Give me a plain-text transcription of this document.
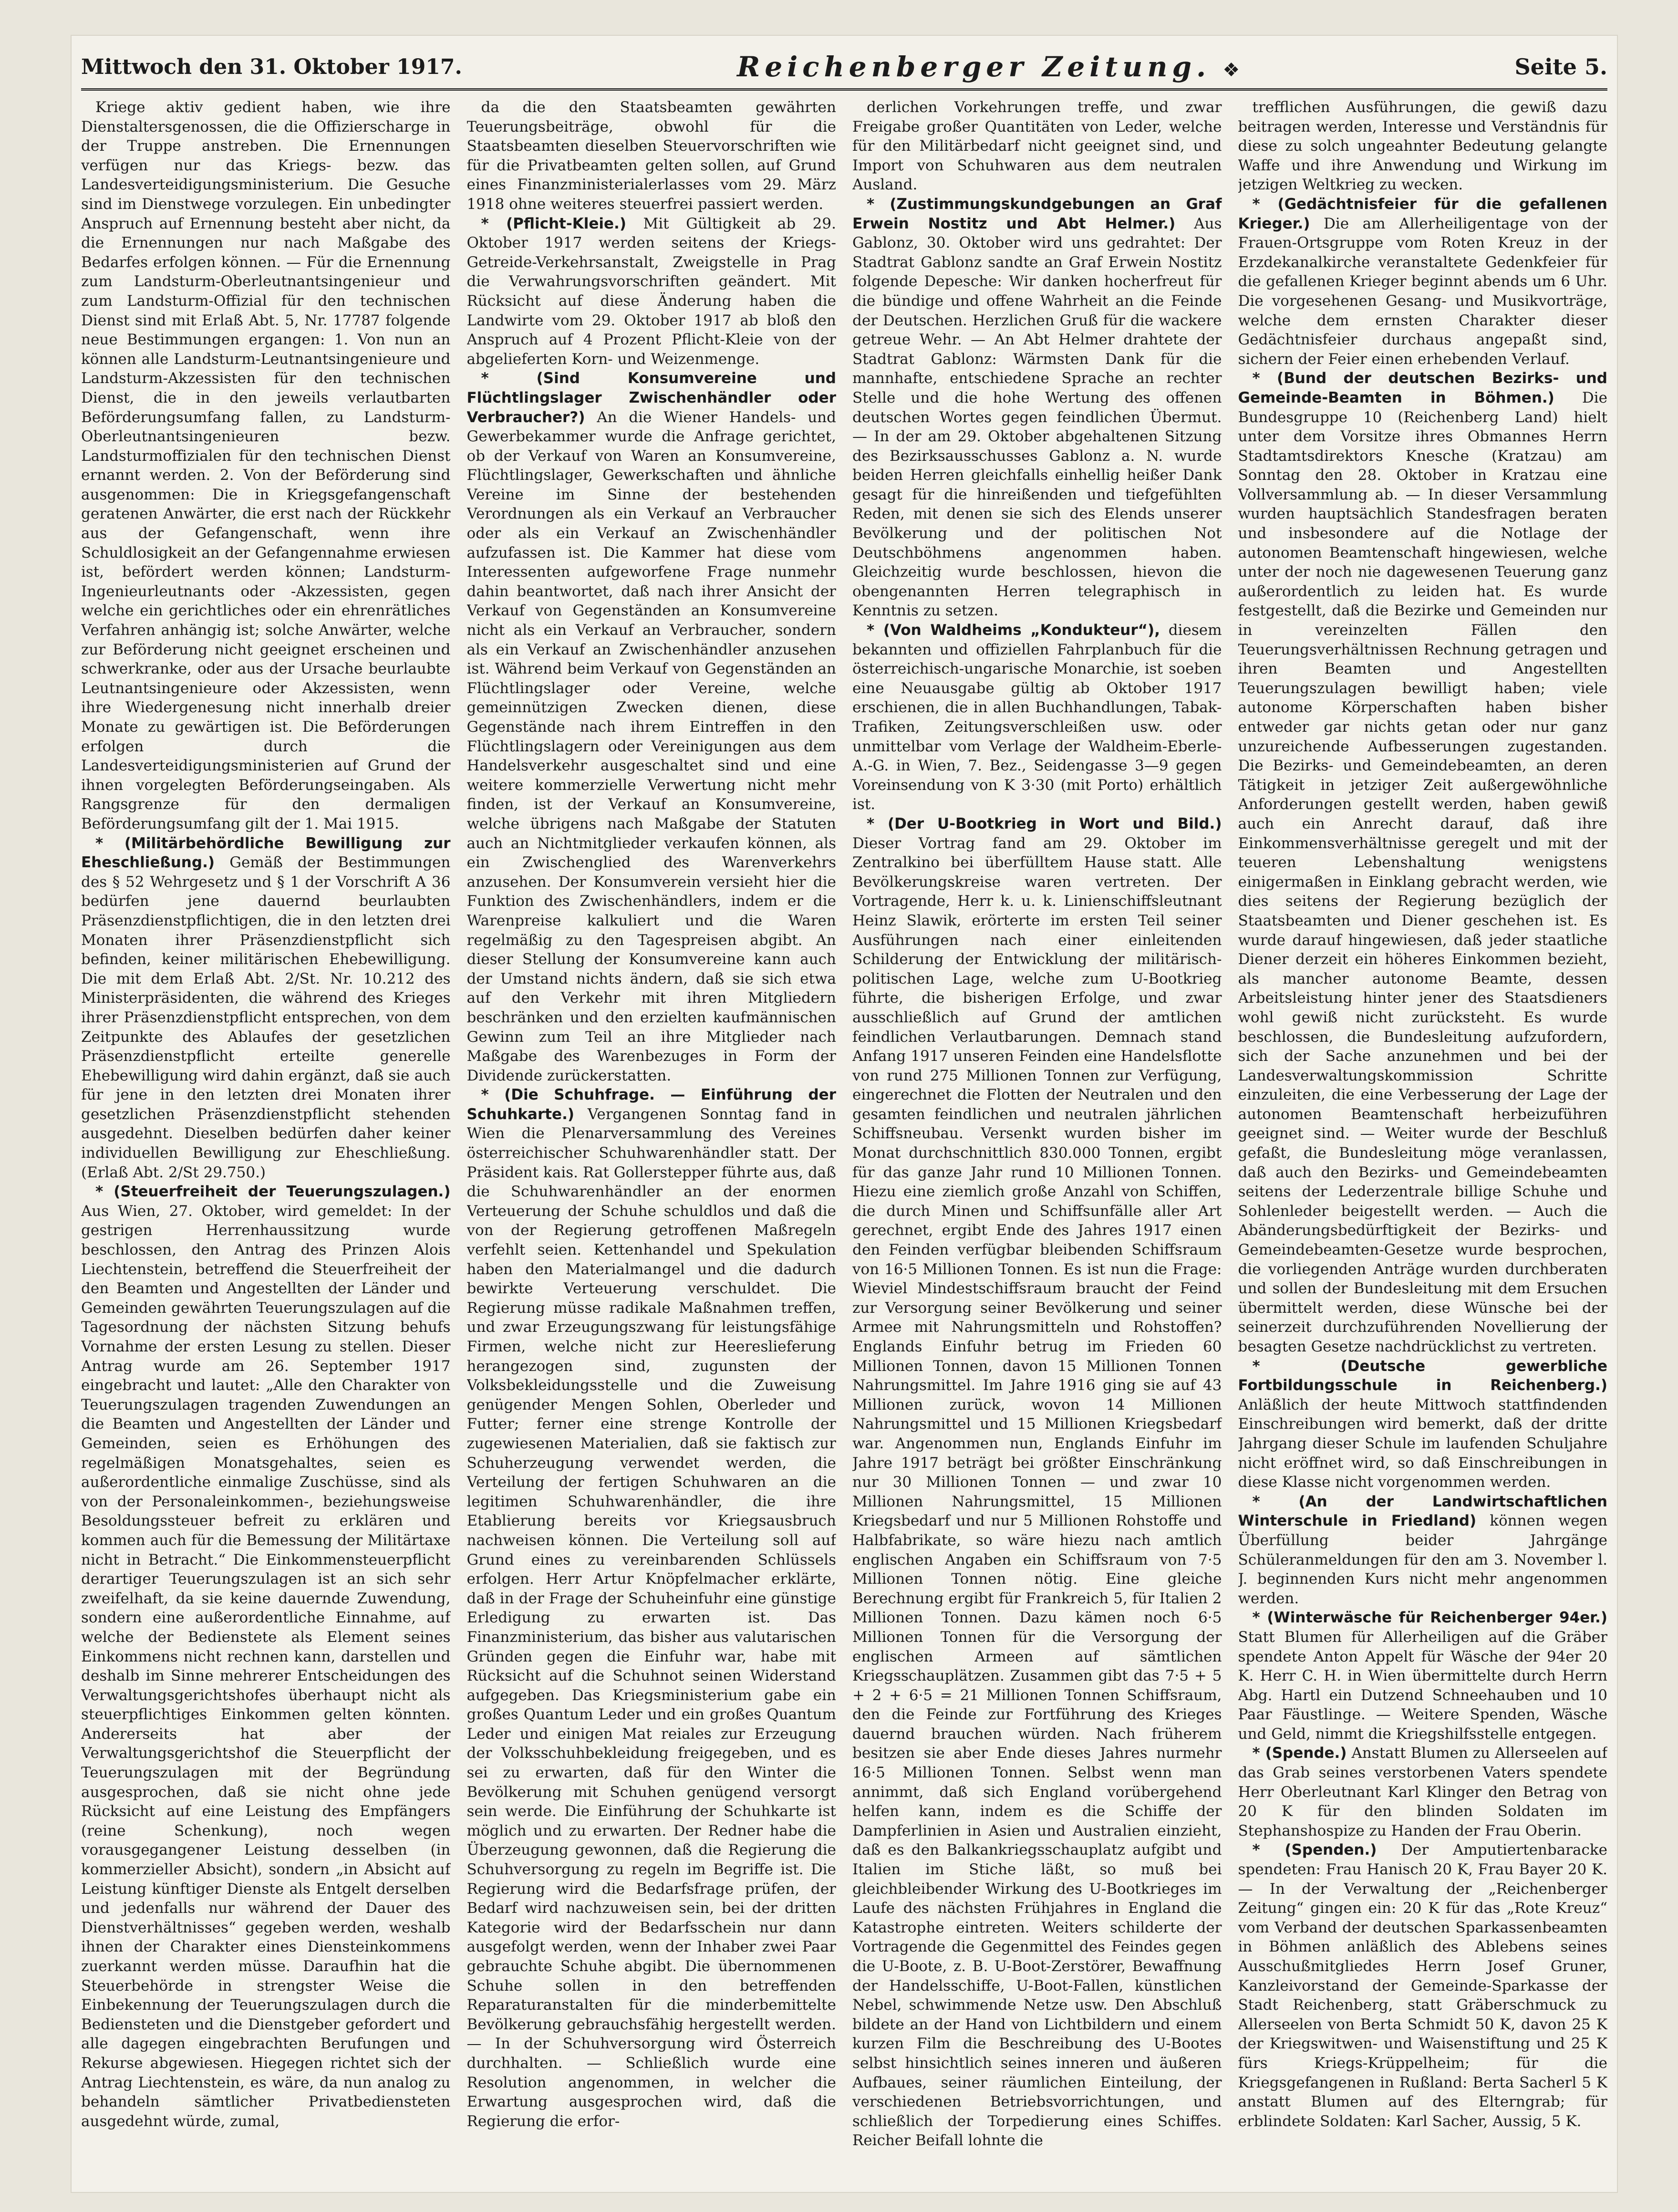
Mittwoch den 31. Oktober 1917.	Reichenberger Zeitung. ❖	Seite 5.

Kriege aktiv gedient haben, wie ihre Dienstaltersgenossen, die die Offizierscharge in der Truppe anstreben. Die Ernennungen verfügen nur das Kriegs- bezw. das Landesverteidigungsministerium. Die Gesuche sind im Dienstwege vorzulegen. Ein unbedingter Anspruch auf Ernennung besteht aber nicht, da die Ernennungen nur nach Maßgabe des Bedarfes erfolgen können. — Für die Ernennung zum Landsturm-Oberleutnantsingenieur und zum Landsturm-Offizial für den technischen Dienst sind mit Erlaß Abt. 5, Nr. 17787 folgende neue Bestimmungen ergangen: 1. Von nun an können alle Landsturm-Leutnantsingenieure und Landsturm-Akzessisten für den technischen Dienst, die in den jeweils verlautbarten Beförderungsumfang fallen, zu Landsturm-Oberleutnantsingenieuren bezw. Landsturmoffizialen für den technischen Dienst ernannt werden. 2. Von der Beförderung sind ausgenommen: Die in Kriegsgefangenschaft geratenen Anwärter, die erst nach der Rückkehr aus der Gefangenschaft, wenn ihre Schuldlosigkeit an der Gefangennahme erwiesen ist, befördert werden können; Landsturm-Ingenieurleutnants oder -Akzessisten, gegen welche ein gerichtliches oder ein ehrenrätliches Verfahren anhängig ist; solche Anwärter, welche zur Beförderung nicht geeignet erscheinen und schwerkranke, oder aus der Ursache beurlaubte Leutnantsingenieure oder Akzessisten, wenn ihre Wiedergenesung nicht innerhalb dreier Monate zu gewärtigen ist. Die Beförderungen erfolgen durch die Landesverteidigungsministerien auf Grund der ihnen vorgelegten Beförderungseingaben. Als Rangsgrenze für den dermaligen Beförderungsumfang gilt der 1. Mai 1915.

* (Militärbehördliche Bewilligung zur Eheschließung.) Gemäß der Bestimmungen des § 52 Wehrgesetz und § 1 der Vorschrift A 36 bedürfen jene dauernd beurlaubten Präsenzdienstpflichtigen, die in den letzten drei Monaten ihrer Präsenzdienstpflicht sich befinden, keiner militärischen Ehebewilligung. Die mit dem Erlaß Abt. 2/St. Nr. 10.212 des Ministerpräsidenten, die während des Krieges ihrer Präsenzdienstpflicht entsprechen, von dem Zeitpunkte des Ablaufes der gesetzlichen Präsenzdienstpflicht erteilte generelle Ehebewilligung wird dahin ergänzt, daß sie auch für jene in den letzten drei Monaten ihrer gesetzlichen Präsenzdienstpflicht stehenden ausgedehnt. Dieselben bedürfen daher keiner individuellen Bewilligung zur Eheschließung. (Erlaß Abt. 2/St 29.750.)

* (Steuerfreiheit der Teuerungszulagen.) Aus Wien, 27. Oktober, wird gemeldet: In der gestrigen Herrenhaussitzung wurde beschlossen, den Antrag des Prinzen Alois Liechtenstein, betreffend die Steuerfreiheit der den Beamten und Angestellten der Länder und Gemeinden gewährten Teuerungszulagen auf die Tagesordnung der nächsten Sitzung behufs Vornahme der ersten Lesung zu stellen. Dieser Antrag wurde am 26. September 1917 eingebracht und lautet: „Alle den Charakter von Teuerungszulagen tragenden Zuwendungen an die Beamten und Angestellten der Länder und Gemeinden, seien es Erhöhungen des regelmäßigen Monatsgehaltes, seien es außerordentliche einmalige Zuschüsse, sind als von der Personaleinkommen-, beziehungsweise Besoldungssteuer befreit zu erklären und kommen auch für die Bemessung der Militärtaxe nicht in Betracht.“ Die Einkommensteuerpflicht derartiger Teuerungszulagen ist an sich sehr zweifelhaft, da sie keine dauernde Zuwendung, sondern eine außerordentliche Einnahme, auf welche der Bedienstete als Element seines Einkommens nicht rechnen kann, darstellen und deshalb im Sinne mehrerer Entscheidungen des Verwaltungsgerichtshofes überhaupt nicht als steuerpflichtiges Einkommen gelten könnten. Andererseits hat aber der Verwaltungsgerichtshof die Steuerpflicht der Teuerungszulagen mit der Begründung ausgesprochen, daß sie nicht ohne jede Rücksicht auf eine Leistung des Empfängers (reine Schenkung), noch wegen vorausgegangener Leistung desselben (in kommerzieller Absicht), sondern „in Absicht auf Leistung künftiger Dienste als Entgelt derselben und jedenfalls nur während der Dauer des Dienstverhältnisses“ gegeben werden, weshalb ihnen der Charakter eines Diensteinkommens zuerkannt werden müsse. Daraufhin hat die Steuerbehörde in strengster Weise die Einbekennung der Teuerungszulagen durch die Bediensteten und die Dienstgeber gefordert und alle dagegen eingebrachten Berufungen und Rekurse abgewiesen. Hiegegen richtet sich der Antrag Liechtenstein, es wäre, da nun analog zu behandeln sämtlicher Privatbediensteten ausgedehnt würde, zumal,

da die den Staatsbeamten gewährten Teuerungsbeiträge, obwohl für die Staatsbeamten dieselben Steuervorschriften wie für die Privatbeamten gelten sollen, auf Grund eines Finanzministerialerlasses vom 29. März 1918 ohne weiteres steuerfrei passiert werden.

* (Pflicht-Kleie.) Mit Gültigkeit ab 29. Oktober 1917 werden seitens der Kriegs-Getreide-Verkehrsanstalt, Zweigstelle in Prag die Verwahrungsvorschriften geändert. Mit Rücksicht auf diese Änderung haben die Landwirte vom 29. Oktober 1917 ab bloß den Anspruch auf 4 Prozent Pflicht-Kleie von der abgelieferten Korn- und Weizenmenge.

* (Sind Konsumvereine und Flüchtlingslager Zwischenhändler oder Verbraucher?) An die Wiener Handels- und Gewerbekammer wurde die Anfrage gerichtet, ob der Verkauf von Waren an Konsumvereine, Flüchtlingslager, Gewerkschaften und ähnliche Vereine im Sinne der bestehenden Verordnungen als ein Verkauf an Verbraucher oder als ein Verkauf an Zwischenhändler aufzufassen ist. Die Kammer hat diese vom Interessenten aufgeworfene Frage nunmehr dahin beantwortet, daß nach ihrer Ansicht der Verkauf von Gegenständen an Konsumvereine nicht als ein Verkauf an Verbraucher, sondern als ein Verkauf an Zwischenhändler anzusehen ist. Während beim Verkauf von Gegenständen an Flüchtlingslager oder Vereine, welche gemeinnützigen Zwecken dienen, diese Gegenstände nach ihrem Eintreffen in den Flüchtlingslagern oder Vereinigungen aus dem Handelsverkehr ausgeschaltet sind und eine weitere kommerzielle Verwertung nicht mehr finden, ist der Verkauf an Konsumvereine, welche übrigens nach Maßgabe der Statuten auch an Nichtmitglieder verkaufen können, als ein Zwischenglied des Warenverkehrs anzusehen. Der Konsumverein versieht hier die Funktion des Zwischenhändlers, indem er die Warenpreise kalkuliert und die Waren regelmäßig zu den Tagespreisen abgibt. An dieser Stellung der Konsumvereine kann auch der Umstand nichts ändern, daß sie sich etwa auf den Verkehr mit ihren Mitgliedern beschränken und den erzielten kaufmännischen Gewinn zum Teil an ihre Mitglieder nach Maßgabe des Warenbezuges in Form der Dividende zurückerstatten.

* (Die Schuhfrage. — Einführung der Schuhkarte.) Vergangenen Sonntag fand in Wien die Plenarversammlung des Vereines österreichischer Schuhwarenhändler statt. Der Präsident kais. Rat Gollerstepper führte aus, daß die Schuhwarenhändler an der enormen Verteuerung der Schuhe schuldlos und daß die von der Regierung getroffenen Maßregeln verfehlt seien. Kettenhandel und Spekulation haben den Materialmangel und die dadurch bewirkte Verteuerung verschuldet. Die Regierung müsse radikale Maßnahmen treffen, und zwar Erzeugungszwang für leistungsfähige Firmen, welche nicht zur Heereslieferung herangezogen sind, zugunsten der Volksbekleidungsstelle und die Zuweisung genügender Mengen Sohlen, Oberleder und Futter; ferner eine strenge Kontrolle der zugewiesenen Materialien, daß sie faktisch zur Schuherzeugung verwendet werden, die Verteilung der fertigen Schuhwaren an die legitimen Schuhwarenhändler, die ihre Etablierung bereits vor Kriegsausbruch nachweisen können. Die Verteilung soll auf Grund eines zu vereinbarenden Schlüssels erfolgen. Herr Artur Knöpfelmacher erklärte, daß in der Frage der Schuheinfuhr eine günstige Erledigung zu erwarten ist. Das Finanzministerium, das bisher aus valutarischen Gründen gegen die Einfuhr war, habe mit Rücksicht auf die Schuhnot seinen Widerstand aufgegeben. Das Kriegsministerium gabe ein großes Quantum Leder und ein großes Quantum Leder und einigen Mat reiales zur Erzeugung der Volksschuhbekleidung freigegeben, und es sei zu erwarten, daß für den Winter die Bevölkerung mit Schuhen genügend versorgt sein werde. Die Einführung der Schuhkarte ist möglich und zu erwarten. Der Redner habe die Überzeugung gewonnen, daß die Regierung die Schuhversorgung zu regeln im Begriffe ist. Die Regierung wird die Bedarfsfrage prüfen, der Bedarf wird nachzuweisen sein, bei der dritten Kategorie wird der Bedarfsschein nur dann ausgefolgt werden, wenn der Inhaber zwei Paar gebrauchte Schuhe abgibt. Die übernommenen Schuhe sollen in den betreffenden Reparaturanstalten für die minderbemittelte Bevölkerung gebrauchsfähig hergestellt werden. — In der Schuhversorgung wird Österreich durchhalten. — Schließlich wurde eine Resolution angenommen, in welcher die Erwartung ausgesprochen wird, daß die Regierung die erfor-

derlichen Vorkehrungen treffe, und zwar Freigabe großer Quantitäten von Leder, welche für den Militärbedarf nicht geeignet sind, und Import von Schuhwaren aus dem neutralen Ausland.

* (Zustimmungskundgebungen an Graf Erwein Nostitz und Abt Helmer.) Aus Gablonz, 30. Oktober wird uns gedrahtet: Der Stadtrat Gablonz sandte an Graf Erwein Nostitz folgende Depesche: Wir danken hocherfreut für die bündige und offene Wahrheit an die Feinde der Deutschen. Herzlichen Gruß für die wackere getreue Wehr. — An Abt Helmer drahtete der Stadtrat Gablonz: Wärmsten Dank für die mannhafte, entschiedene Sprache an rechter Stelle und die hohe Wertung des offenen deutschen Wortes gegen feindlichen Übermut. — In der am 29. Oktober abgehaltenen Sitzung des Bezirksausschusses Gablonz a. N. wurde beiden Herren gleichfalls einhellig heißer Dank gesagt für die hinreißenden und tiefgefühlten Reden, mit denen sie sich des Elends unserer Bevölkerung und der politischen Not Deutschböhmens angenommen haben. Gleichzeitig wurde beschlossen, hievon die obengenannten Herren telegraphisch in Kenntnis zu setzen.

* (Von Waldheims „Kondukteur“), diesem bekannten und offiziellen Fahrplanbuch für die österreichisch-ungarische Monarchie, ist soeben eine Neuausgabe gültig ab Oktober 1917 erschienen, die in allen Buchhandlungen, Tabak-Trafiken, Zeitungsverschleißen usw. oder unmittelbar vom Verlage der Waldheim-Eberle-A.-G. in Wien, 7. Bez., Seidengasse 3—9 gegen Voreinsendung von K 3·30 (mit Porto) erhältlich ist.

* (Der U-Bootkrieg in Wort und Bild.) Dieser Vortrag fand am 29. Oktober im Zentralkino bei überfülltem Hause statt. Alle Bevölkerungskreise waren vertreten. Der Vortragende, Herr k. u. k. Linienschiffsleutnant Heinz Slawik, erörterte im ersten Teil seiner Ausführungen nach einer einleitenden Schilderung der Entwicklung der militärisch-politischen Lage, welche zum U-Bootkrieg führte, die bisherigen Erfolge, und zwar ausschließlich auf Grund der amtlichen feindlichen Verlautbarungen. Demnach stand Anfang 1917 unseren Feinden eine Handelsflotte von rund 275 Millionen Tonnen zur Verfügung, eingerechnet die Flotten der Neutralen und den gesamten feindlichen und neutralen jährlichen Schiffsneubau. Versenkt wurden bisher im Monat durchschnittlich 830.000 Tonnen, ergibt für das ganze Jahr rund 10 Millionen Tonnen. Hiezu eine ziemlich große Anzahl von Schiffen, die durch Minen und Schiffsunfälle aller Art gerechnet, ergibt Ende des Jahres 1917 einen den Feinden verfügbar bleibenden Schiffsraum von 16·5 Millionen Tonnen. Es ist nun die Frage: Wieviel Mindestschiffsraum braucht der Feind zur Versorgung seiner Bevölkerung und seiner Armee mit Nahrungsmitteln und Rohstoffen? Englands Einfuhr betrug im Frieden 60 Millionen Tonnen, davon 15 Millionen Tonnen Nahrungsmittel. Im Jahre 1916 ging sie auf 43 Millionen zurück, wovon 14 Millionen Nahrungsmittel und 15 Millionen Kriegsbedarf war. Angenommen nun, Englands Einfuhr im Jahre 1917 beträgt bei größter Einschränkung nur 30 Millionen Tonnen — und zwar 10 Millionen Nahrungsmittel, 15 Millionen Kriegsbedarf und nur 5 Millionen Rohstoffe und Halbfabrikate, so wäre hiezu nach amtlich englischen Angaben ein Schiffsraum von 7·5 Millionen Tonnen nötig. Eine gleiche Berechnung ergibt für Frankreich 5, für Italien 2 Millionen Tonnen. Dazu kämen noch 6·5 Millionen Tonnen für die Versorgung der englischen Armeen auf sämtlichen Kriegsschauplätzen. Zusammen gibt das 7·5 + 5 + 2 + 6·5 = 21 Millionen Tonnen Schiffsraum, den die Feinde zur Fortführung des Krieges dauernd brauchen würden. Nach früherem besitzen sie aber Ende dieses Jahres nurmehr 16·5 Millionen Tonnen. Selbst wenn man annimmt, daß sich England vorübergehend helfen kann, indem es die Schiffe der Dampferlinien in Asien und Australien einzieht, daß es den Balkankriegsschauplatz aufgibt und Italien im Stiche läßt, so muß bei gleichbleibender Wirkung des U-Bootkrieges im Laufe des nächsten Frühjahres in England die Katastrophe eintreten. Weiters schilderte der Vortragende die Gegenmittel des Feindes gegen die U-Boote, z. B. U-Boot-Zerstörer, Bewaffnung der Handelsschiffe, U-Boot-Fallen, künstlichen Nebel, schwimmende Netze usw. Den Abschluß bildete an der Hand von Lichtbildern und einem kurzen Film die Beschreibung des U-Bootes selbst hinsichtlich seines inneren und äußeren Aufbaues, seiner räumlichen Einteilung, der verschiedenen Betriebsvorrichtungen, und schließlich der Torpedierung eines Schiffes. Reicher Beifall lohnte die

trefflichen Ausführungen, die gewiß dazu beitragen werden, Interesse und Verständnis für diese zu solch ungeahnter Bedeutung gelangte Waffe und ihre Anwendung und Wirkung im jetzigen Weltkrieg zu wecken.

* (Gedächtnisfeier für die gefallenen Krieger.) Die am Allerheiligentage von der Frauen-Ortsgruppe vom Roten Kreuz in der Erzdekanalkirche veranstaltete Gedenkfeier für die gefallenen Krieger beginnt abends um 6 Uhr. Die vorgesehenen Gesang- und Musikvorträge, welche dem ernsten Charakter dieser Gedächtnisfeier durchaus angepaßt sind, sichern der Feier einen erhebenden Verlauf.

* (Bund der deutschen Bezirks- und Gemeinde-Beamten in Böhmen.) Die Bundesgruppe 10 (Reichenberg Land) hielt unter dem Vorsitze ihres Obmannes Herrn Stadtamtsdirektors Knesche (Kratzau) am Sonntag den 28. Oktober in Kratzau eine Vollversammlung ab. — In dieser Versammlung wurden hauptsächlich Standesfragen beraten und insbesondere auf die Notlage der autonomen Beamtenschaft hingewiesen, welche unter der noch nie dagewesenen Teuerung ganz außerordentlich zu leiden hat. Es wurde festgestellt, daß die Bezirke und Gemeinden nur in vereinzelten Fällen den Teuerungsverhältnissen Rechnung getragen und ihren Beamten und Angestellten Teuerungszulagen bewilligt haben; viele autonome Körperschaften haben bisher entweder gar nichts getan oder nur ganz unzureichende Aufbesserungen zugestanden. Die Bezirks- und Gemeindebeamten, an deren Tätigkeit in jetziger Zeit außergewöhnliche Anforderungen gestellt werden, haben gewiß auch ein Anrecht darauf, daß ihre Einkommensverhältnisse geregelt und mit der teueren Lebenshaltung wenigstens einigermaßen in Einklang gebracht werden, wie dies seitens der Regierung bezüglich der Staatsbeamten und Diener geschehen ist. Es wurde darauf hingewiesen, daß jeder staatliche Diener derzeit ein höheres Einkommen bezieht, als mancher autonome Beamte, dessen Arbeitsleistung hinter jener des Staatsdieners wohl gewiß nicht zurücksteht. Es wurde beschlossen, die Bundesleitung aufzufordern, sich der Sache anzunehmen und bei der Landesverwaltungskommission Schritte einzuleiten, die eine Verbesserung der Lage der autonomen Beamtenschaft herbeizuführen geeignet sind. — Weiter wurde der Beschluß gefaßt, die Bundesleitung möge veranlassen, daß auch den Bezirks- und Gemeindebeamten seitens der Lederzentrale billige Schuhe und Sohlenleder beigestellt werden. — Auch die Abänderungsbedürftigkeit der Bezirks- und Gemeindebeamten-Gesetze wurde besprochen, die vorliegenden Anträge wurden durchberaten und sollen der Bundesleitung mit dem Ersuchen übermittelt werden, diese Wünsche bei der seinerzeit durchzuführenden Novellierung der besagten Gesetze nachdrücklichst zu vertreten.

* (Deutsche gewerbliche Fortbildungsschule in Reichenberg.) Anläßlich der heute Mittwoch stattfindenden Einschreibungen wird bemerkt, daß der dritte Jahrgang dieser Schule im laufenden Schuljahre nicht eröffnet wird, so daß Einschreibungen in diese Klasse nicht vorgenommen werden.

* (An der Landwirtschaftlichen Winterschule in Friedland) können wegen Überfüllung beider Jahrgänge Schüleranmeldungen für den am 3. November l. J. beginnenden Kurs nicht mehr angenommen werden.

* (Winterwäsche für Reichenberger 94er.) Statt Blumen für Allerheiligen auf die Gräber spendete Anton Appelt für Wäsche der 94er 20 K. Herr C. H. in Wien übermittelte durch Herrn Abg. Hartl ein Dutzend Schneehauben und 10 Paar Fäustlinge. — Weitere Spenden, Wäsche und Geld, nimmt die Kriegshilfsstelle entgegen.

* (Spende.) Anstatt Blumen zu Allerseelen auf das Grab seines verstorbenen Vaters spendete Herr Oberleutnant Karl Klinger den Betrag von 20 K für den blinden Soldaten im Stephanshospize zu Handen der Frau Oberin.

* (Spenden.) Der Amputiertenbaracke spendeten: Frau Hanisch 20 K, Frau Bayer 20 K. — In der Verwaltung der „Reichenberger Zeitung“ gingen ein: 20 K für das „Rote Kreuz“ vom Verband der deutschen Sparkassenbeamten in Böhmen anläßlich des Ablebens seines Ausschußmitgliedes Herrn Josef Gruner, Kanzleivorstand der Gemeinde-Sparkasse der Stadt Reichenberg, statt Gräberschmuck zu Allerseelen von Berta Schmidt 50 K, davon 25 K der Kriegswitwen- und Waisenstiftung und 25 K fürs Kriegs-Krüppelheim; für die Kriegsgefangenen in Rußland: Berta Sacherl 5 K anstatt Blumen auf des Elterngrab; für erblindete Soldaten: Karl Sacher, Aussig, 5 K.
